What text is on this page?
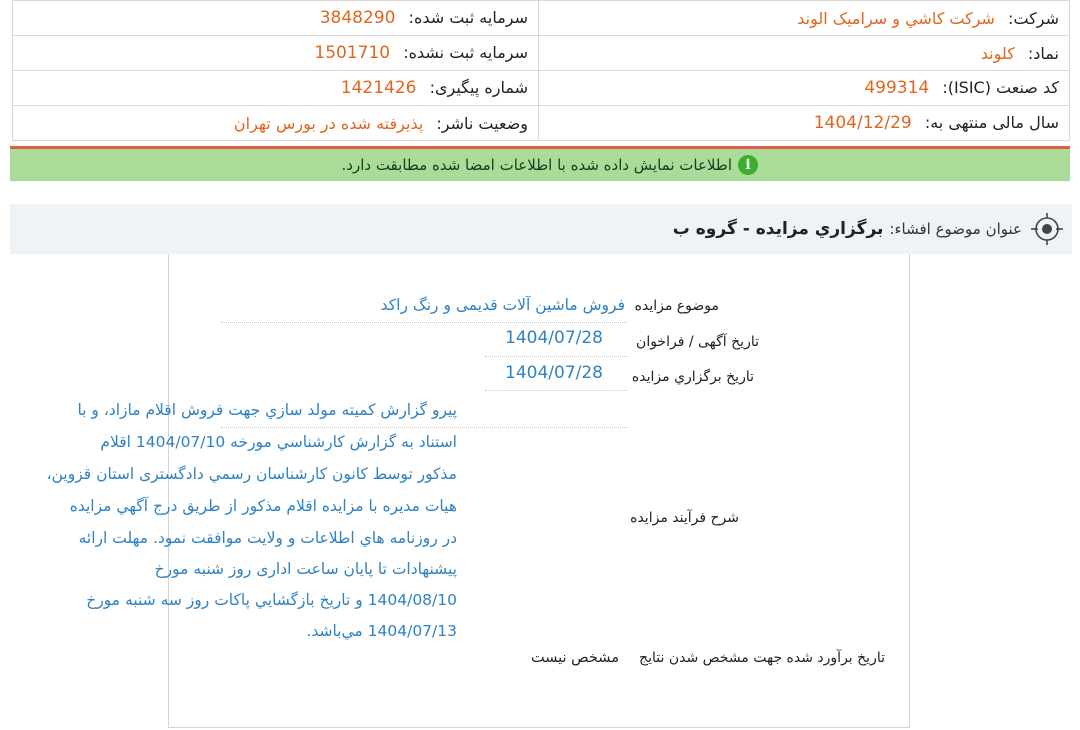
شرکت: شرکت کاشي و سراميک الوند	سرمایه ثبت شده: 3848290
نماد: کلوند	سرمایه ثبت نشده: 1501710
کد صنعت (ISIC): 499314	شماره پیگیری: 1421426
سال مالی منتهی به: 1404/12/29	وضعیت ناشر: پذیرفته شده در بورس تهران
i
اطلاعات نمایش داده شده با اطلاعات امضا شده مطابقت دارد.
عنوان موضوع افشاء:
برگزاري مزايده - گروه ب
موضوع مزايده
فروش ماشین آلات قدیمی و رنگ راکد
تاریخ آگهی / فراخوان
1404/07/28
تاریخ برگزاري مزايده
1404/07/28
شرح فرآيند مزايده
پیرو گزارش کمیته مولد سازي جهت فروش اقلام مازاد، و با
استناد به گزارش کارشناسي مورخه 1404/07/10 اقلام
مذکور توسط کانون کارشناسان رسمي دادگستری استان قزوين،
هيات مديره با مزايده اقلام مذکور از طريق درج آگهي مزايده
در روزنامه هاي اطلاعات و ولايت موافقت نمود. مهلت ارائه
پيشنهادات تا پايان ساعت اداری روز شنبه مورخ
1404/08/10 و تاريخ بازگشايي پاکات روز سه شنبه مورخ
1404/07/13 مي‌باشد.
تاریخ برآورد شده جهت مشخص شدن نتايج
مشخص نیست
